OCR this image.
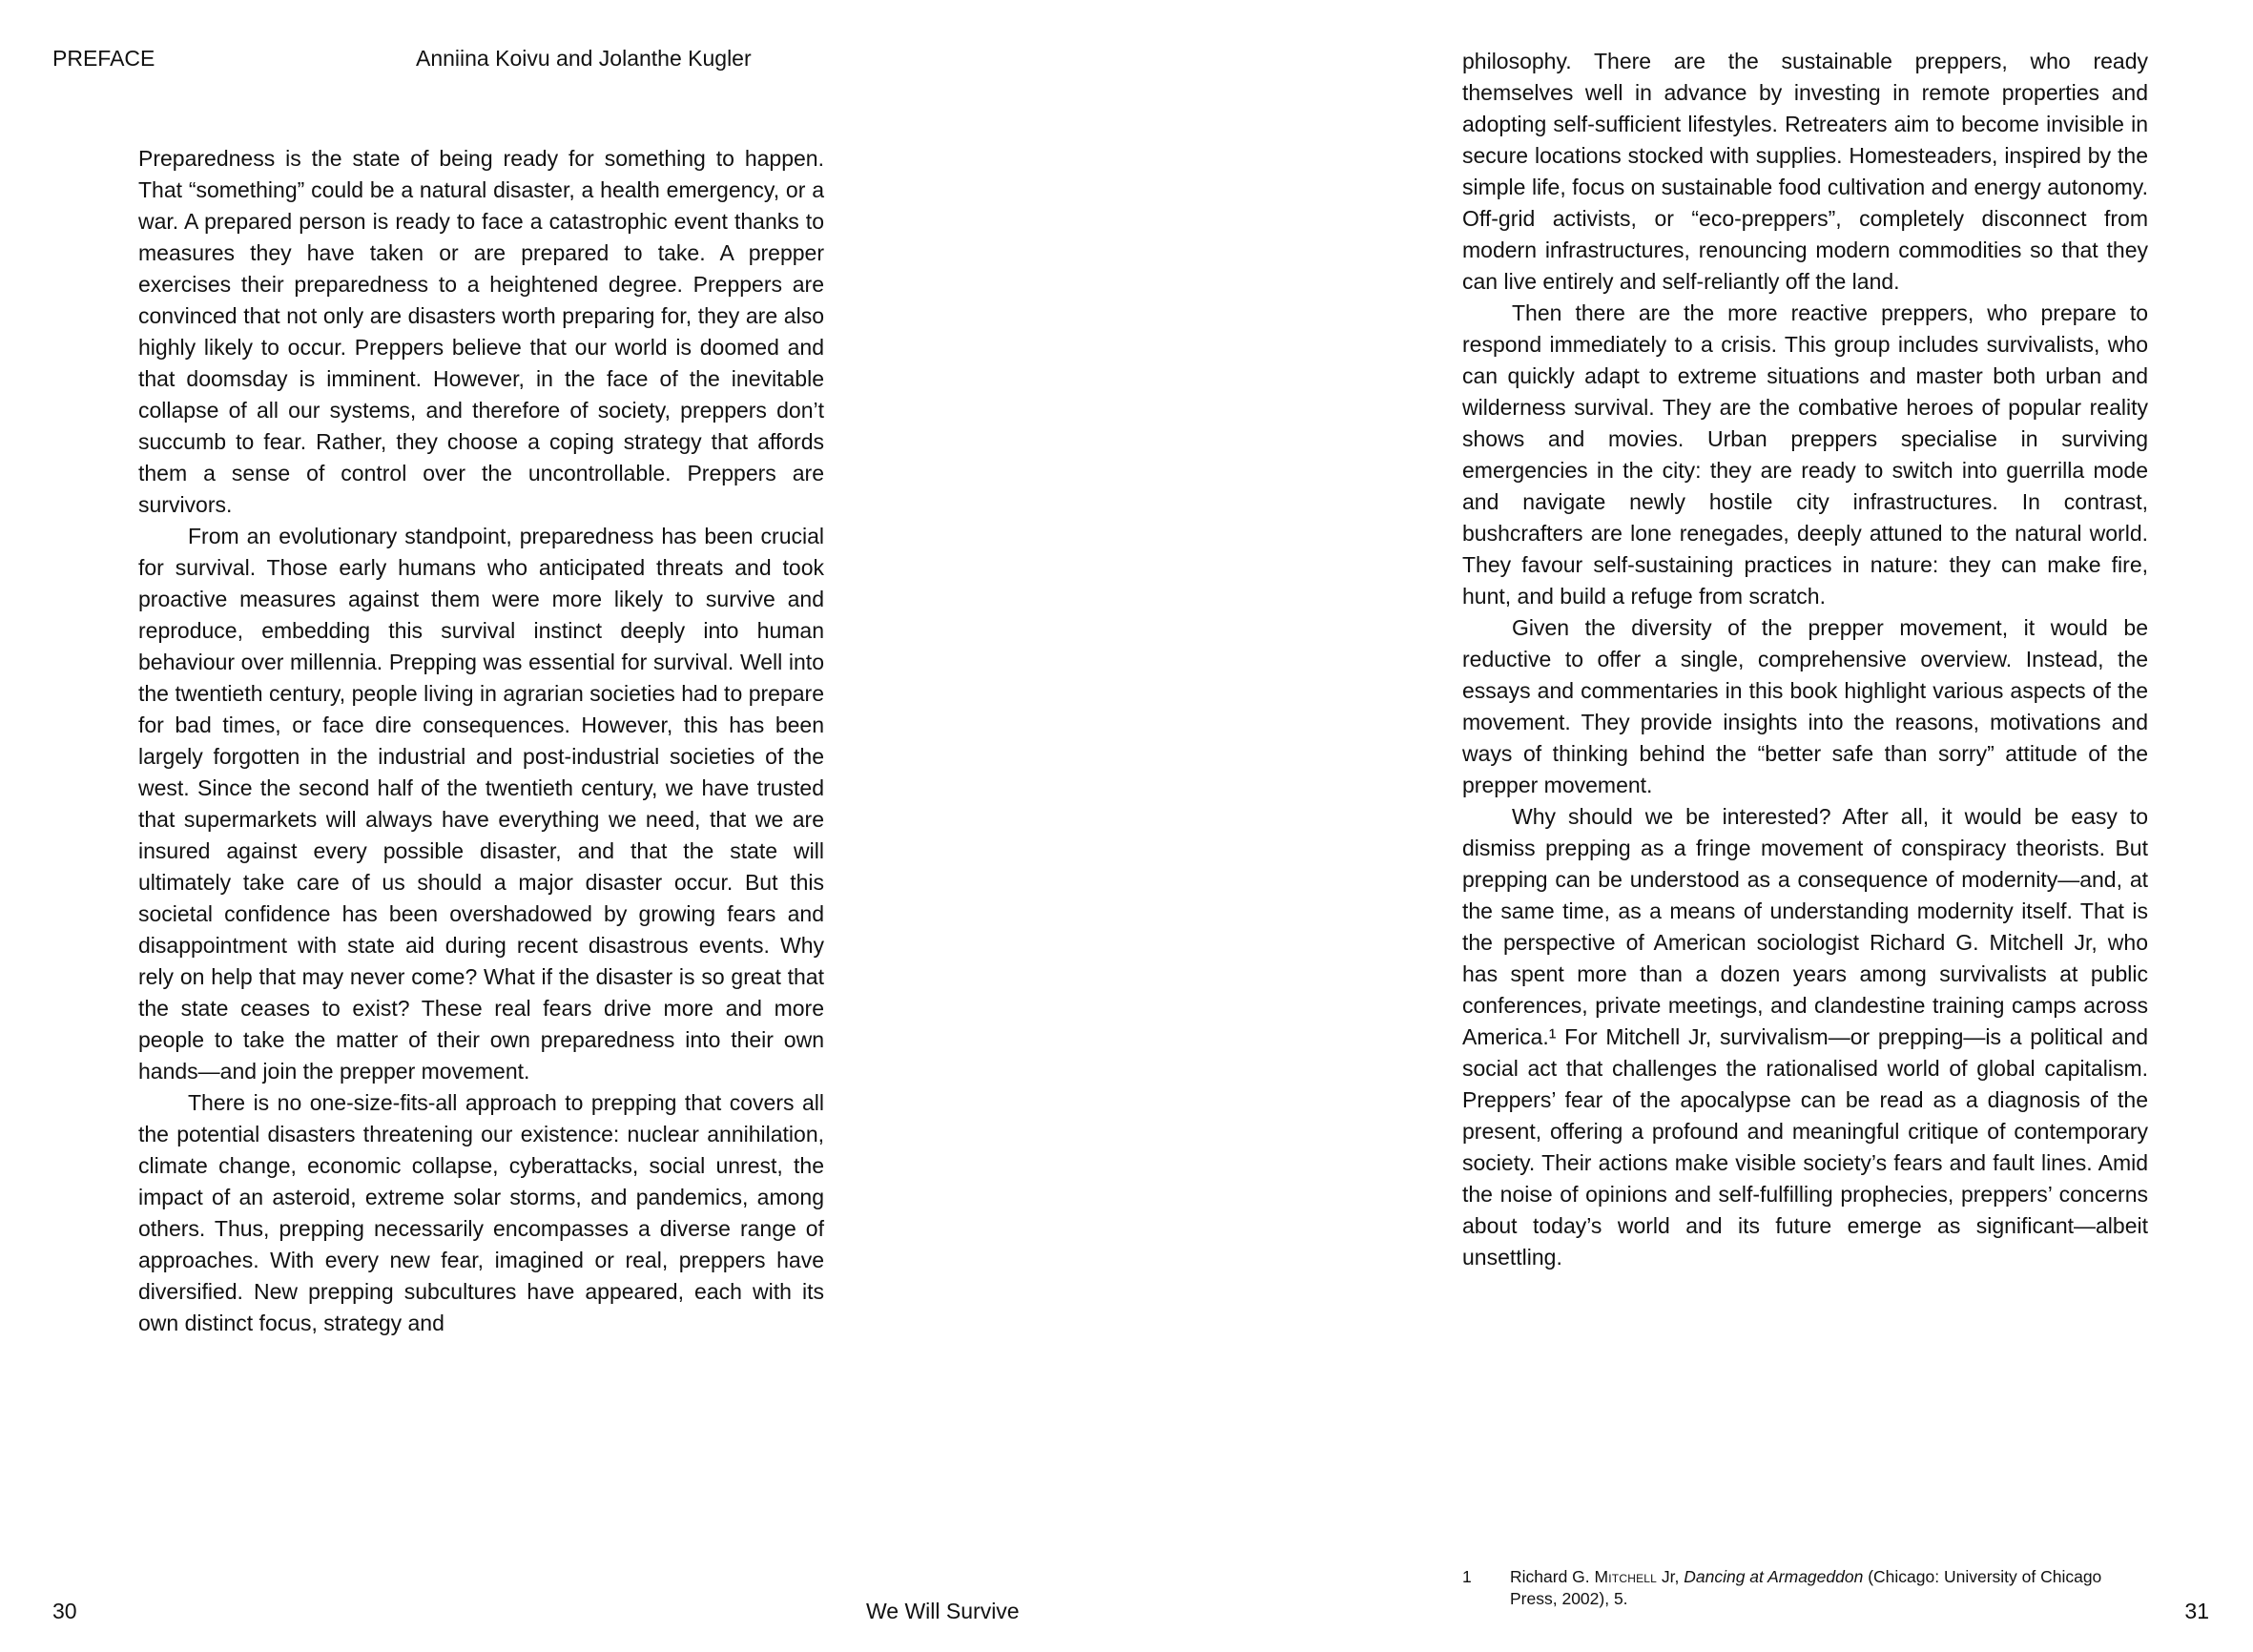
PREFACE	Anniina Koivu and Jolanthe Kugler

Preparedness is the state of being ready for something to happen. That “something” could be a natural disaster, a health emergency, or a war. A prepared person is ready to face a catastrophic event thanks to measures they have taken or are prepared to take. A prepper exercises their preparedness to a heightened degree. Preppers are convinced that not only are disasters worth preparing for, they are also highly likely to occur. Preppers believe that our world is doomed and that doomsday is imminent. However, in the face of the inevitable collapse of all our systems, and therefore of society, preppers don’t succumb to fear. Rather, they choose a coping strategy that affords them a sense of control over the uncontrollable. Preppers are survivors.

From an evolutionary standpoint, preparedness has been crucial for survival. Those early humans who anticipated threats and took proactive measures against them were more likely to survive and reproduce, embedding this survival instinct deeply into human behaviour over millennia. Prepping was essential for survival. Well into the twentieth century, people living in agrarian societies had to prepare for bad times, or face dire consequences. However, this has been largely forgotten in the industrial and post-industrial societies of the west. Since the second half of the twentieth century, we have trusted that supermarkets will always have everything we need, that we are insured against every possible disaster, and that the state will ultimately take care of us should a major disaster occur. But this societal confidence has been overshadowed by growing fears and disappointment with state aid during recent disastrous events. Why rely on help that may never come? What if the disaster is so great that the state ceases to exist? These real fears drive more and more people to take the matter of their own preparedness into their own hands—and join the prepper movement.

There is no one-size-fits-all approach to prepping that covers all the potential disasters threatening our existence: nuclear annihilation, climate change, economic collapse, cyberattacks, social unrest, the impact of an asteroid, extreme solar storms, and pandemics, among others. Thus, prepping necessarily encompasses a diverse range of approaches. With every new fear, imagined or real, preppers have diversified. New prepping subcultures have appeared, each with its own distinct focus, strategy and

30	We Will Survive

philosophy. There are the sustainable preppers, who ready themselves well in advance by investing in remote properties and adopting self-sufficient lifestyles. Retreaters aim to become invisible in secure locations stocked with supplies. Homesteaders, inspired by the simple life, focus on sustainable food cultivation and energy autonomy. Off-grid activists, or “eco-preppers”, completely disconnect from modern infrastructures, renouncing modern commodities so that they can live entirely and self-reliantly off the land.

Then there are the more reactive preppers, who prepare to respond immediately to a crisis. This group includes survivalists, who can quickly adapt to extreme situations and master both urban and wilderness survival. They are the combative heroes of popular reality shows and movies. Urban preppers specialise in surviving emergencies in the city: they are ready to switch into guerrilla mode and navigate newly hostile city infrastructures. In contrast, bushcrafters are lone renegades, deeply attuned to the natural world. They favour self-sustaining practices in nature: they can make fire, hunt, and build a refuge from scratch.

Given the diversity of the prepper movement, it would be reductive to offer a single, comprehensive overview. Instead, the essays and commentaries in this book highlight various aspects of the movement. They provide insights into the reasons, motivations and ways of thinking behind the “better safe than sorry” attitude of the prepper movement.

Why should we be interested? After all, it would be easy to dismiss prepping as a fringe movement of conspiracy theorists. But prepping can be understood as a consequence of modernity—and, at the same time, as a means of understanding modernity itself. That is the perspective of American sociologist Richard G. Mitchell Jr, who has spent more than a dozen years among survivalists at public conferences, private meetings, and clandestine training camps across America.¹ For Mitchell Jr, survivalism—or prepping—is a political and social act that challenges the rationalised world of global capitalism. Preppers’ fear of the apocalypse can be read as a diagnosis of the present, offering a profound and meaningful critique of contemporary society. Their actions make visible society’s fears and fault lines. Amid the noise of opinions and self-fulfilling prophecies, preppers’ concerns about today’s world and its future emerge as significant—albeit unsettling.

1	Richard G. Mitchell Jr, Dancing at Armageddon (Chicago: University of Chicago Press, 2002), 5.
31
